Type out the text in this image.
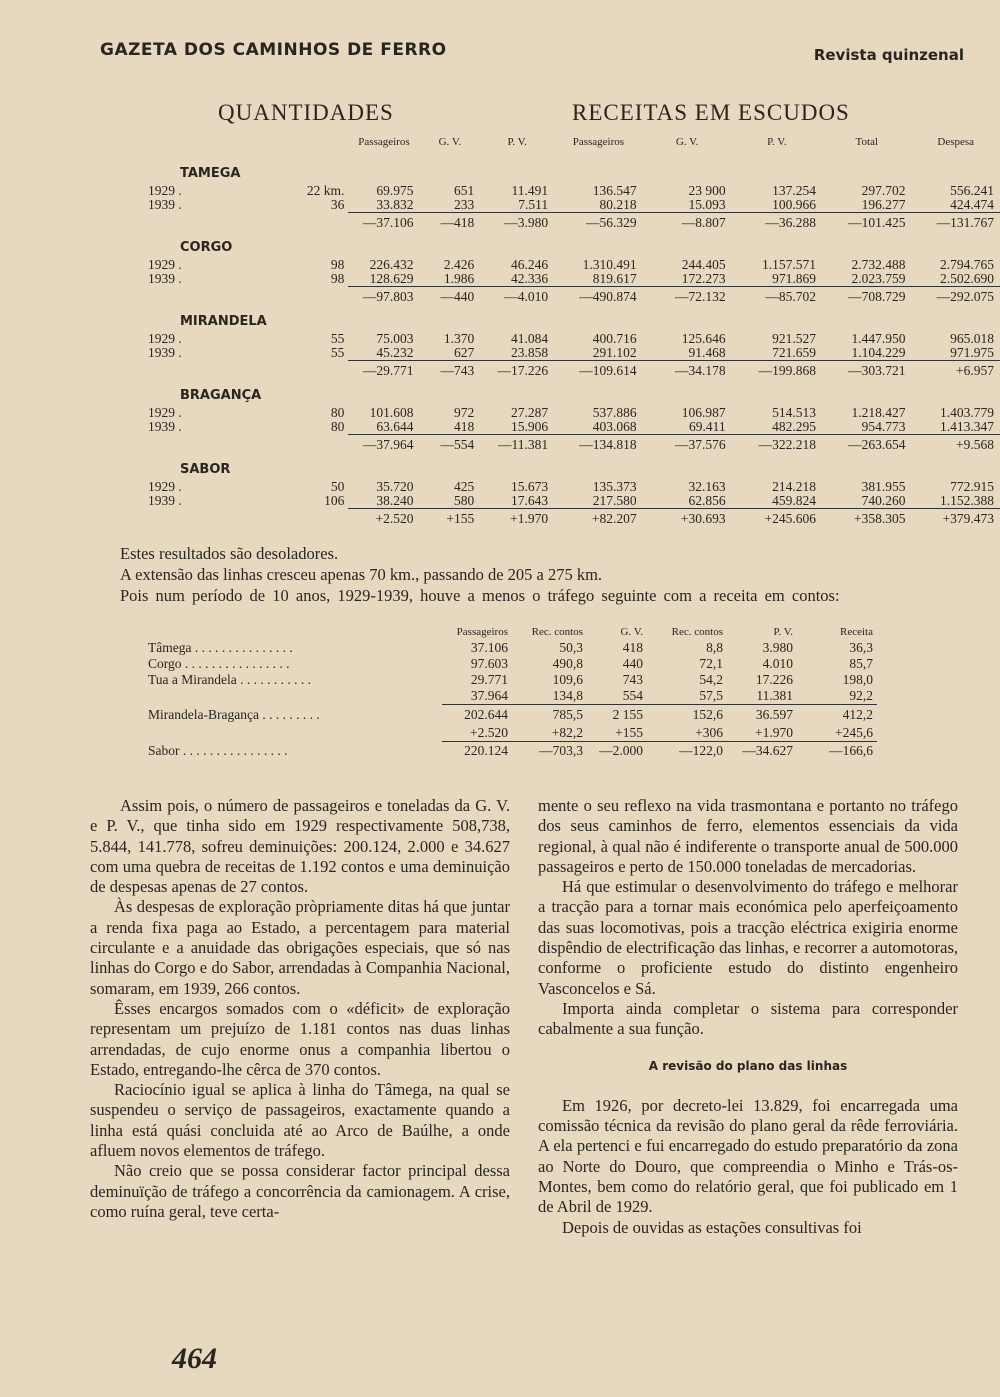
GAZETA DOS CAMINHOS DE FERRO	Revista quinzenal
QUANTIDADES	RECEITAS EM ESCUDOS
		Passageiros	G. V.	P. V.	Passageiros	G. V.	P. V.	Total	Despesa
TAMEGA									
1929 .	22 km.	69.975	651	11.491	136.547	23 900	137.254	297.702	556.241
1939 .	36	33.832	233	7.511	80.218	15.093	100.966	196.277	424.474
		—37.106	—418	—3.980	—56.329	—8.807	—36.288	—101.425	—131.767
CORGO									
1929 .	98	226.432	2.426	46.246	1.310.491	244.405	1.157.571	2.732.488	2.794.765
1939 .	98	128.629	1.986	42.336	819.617	172.273	971.869	2.023.759	2.502.690
		—97.803	—440	—4.010	—490.874	—72.132	—85.702	—708.729	—292.075
MIRANDELA									
1929 .	55	75.003	1.370	41.084	400.716	125.646	921.527	1.447.950	965.018
1939 .	55	45.232	627	23.858	291.102	91.468	721.659	1.104.229	971.975
		—29.771	—743	—17.226	—109.614	—34.178	—199.868	—303.721	+6.957
BRAGANÇA									
1929 .	80	101.608	972	27.287	537.886	106.987	514.513	1.218.427	1.403.779
1939 .	80	63.644	418	15.906	403.068	69.411	482.295	954.773	1.413.347
		—37.964	—554	—11.381	—134.818	—37.576	—322.218	—263.654	+9.568
SABOR									
1929 .	50	35.720	425	15.673	135.373	32.163	214.218	381.955	772.915
1939 .	106	38.240	580	17.643	217.580	62.856	459.824	740.260	1.152.388
		+2.520	+155	+1.970	+82.207	+30.693	+245.606	+358.305	+379.473

Estes resultados são desoladores.

A extensão das linhas cresceu apenas 70 km., passando de 205 a 275 km.

Pois num período de 10 anos, 1929-1939, houve a menos o tráfego seguinte com a receita em contos:

	Passageiros	Rec. contos	G. V.	Rec. contos	P. V.	Receita
Tâmega . . . . . . . . . . . . . . .	37.106	50,3	418	8,8	3.980	36,3
Corgo . . . . . . . . . . . . . . . .	97.603	490,8	440	72,1	4.010	85,7
Tua a Mirandela . . . . . . . . . . .	29.771	109,6	743	54,2	17.226	198,0
	37.964	134,8	554	57,5	11.381	92,2
Mirandela-Bragança . . . . . . . . .	202.644	785,5	2 155	152,6	36.597	412,2
	+2.520	+82,2	+155	+306	+1.970	+245,6
Sabor . . . . . . . . . . . . . . . .	220.124	—703,3	—2.000	—122,0	—34.627	—166,6

Assim pois, o número de passageiros e toneladas da G. V. e P. V., que tinha sido em 1929 respectivamente 508,738, 5.844, 141.778, sofreu deminuições: 200.124, 2.000 e 34.627 com uma quebra de receitas de 1.192 contos e uma deminuição de despesas apenas de 27 contos.

Às despesas de exploração pròpriamente ditas há que juntar a renda fixa paga ao Estado, a percentagem para material circulante e a anuidade das obrigações especiais, que só nas linhas do Corgo e do Sabor, arrendadas à Companhia Nacional, somaram, em 1939, 266 contos.

Êsses encargos somados com o «déficit» de exploração representam um prejuízo de 1.181 contos nas duas linhas arrendadas, de cujo enorme onus a companhia libertou o Estado, entregando-lhe cêrca de 370 contos.

Raciocínio igual se aplica à linha do Tâmega, na qual se suspendeu o serviço de passageiros, exactamente quando a linha está quási concluida até ao Arco de Baúlhe, a onde afluem novos elementos de tráfego.

Não creio que se possa considerar factor principal dessa deminuïção de tráfego a concorrência da camionagem. A crise, como ruína geral, teve certa-

mente o seu reflexo na vida trasmontana e portanto no tráfego dos seus caminhos de ferro, elementos essenciais da vida regional, à qual não é indiferente o transporte anual de 500.000 passageiros e perto de 150.000 toneladas de mercadorias.

Há que estimular o desenvolvimento do tráfego e melhorar a tracção para a tornar mais económica pelo aperfeiçoamento das suas locomotivas, pois a tracção eléctrica exigiria enorme dispêndio de electrificação das linhas, e recorrer a automotoras, conforme o proficiente estudo do distinto engenheiro Vasconcelos e Sá.

Importa ainda completar o sistema para corresponder cabalmente a sua função.

A revisão do plano das linhas

Em 1926, por decreto-lei 13.829, foi encarregada uma comissão técnica da revisão do plano geral da rêde ferroviária. A ela pertenci e fui encarregado do estudo preparatório da zona ao Norte do Douro, que compreendia o Minho e Trás-os-Montes, bem como do relatório geral, que foi publicado em 1 de Abril de 1929.

Depois de ouvidas as estações consultivas foi

464
